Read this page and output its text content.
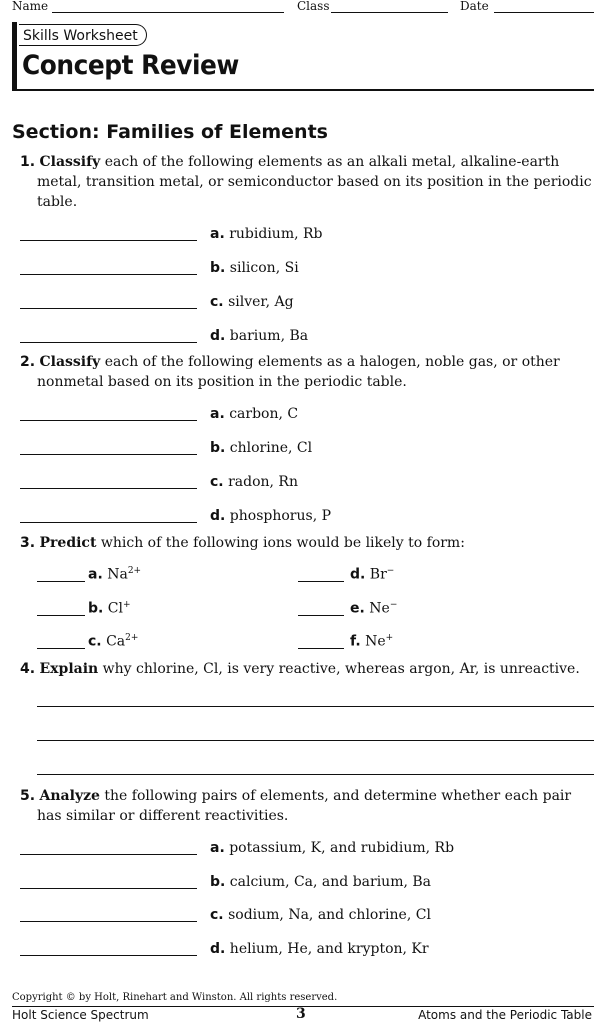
Name	Class	Date
Skills Worksheet
Concept Review
Section: Families of Elements
1. Classify each of the following elements as an alkali metal, alkaline-earth
metal, transition metal, or semiconductor based on its position in the periodic
table.
a. rubidium, Rb
b. silicon, Si
c. silver, Ag
d. barium, Ba
2. Classify each of the following elements as a halogen, noble gas, or other
nonmetal based on its position in the periodic table.
a. carbon, C
b. chlorine, Cl
c. radon, Rn
d. phosphorus, P
3. Predict which of the following ions would be likely to form:
a. $Na^{2+}$
b. Cl+
c. $Ca^{2+}$
d. Br−
e. Ne−
f. Ne+
4. Explain why chlorine, Cl, is very reactive, whereas argon, Ar, is unreactive.
5. Analyze the following pairs of elements, and determine whether each pair
has similar or different reactivities.
a. potassium, K, and rubidium, Rb
b. calcium, Ca, and barium, Ba
c. sodium, Na, and chlorine, Cl
d. helium, He, and krypton, Kr
Copyright © by Holt, Rinehart and Winston. All rights reserved.
Holt Science Spectrum	3	Atoms and the Periodic Table
